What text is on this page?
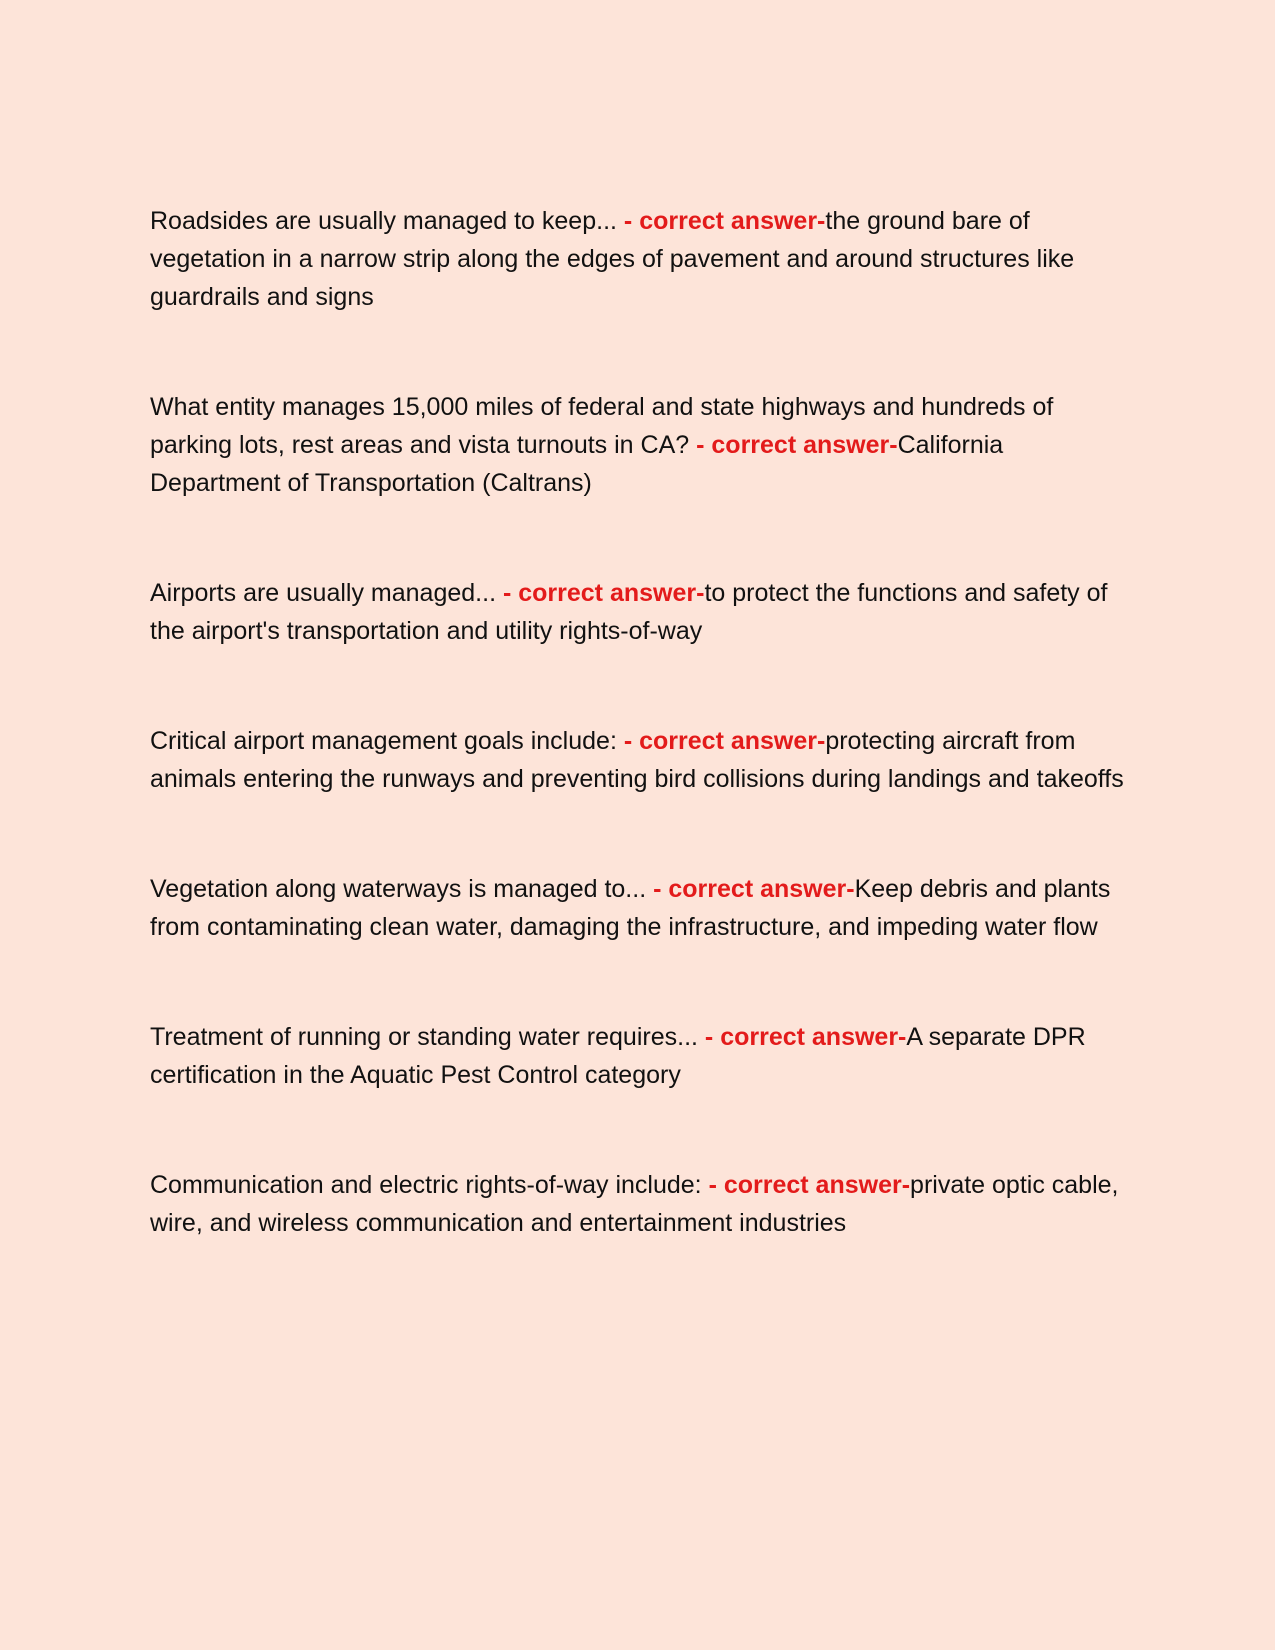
Roadsides are usually managed to keep... - correct answer-the ground bare of vegetation in a narrow strip along the edges of pavement and around structures like guardrails and signs

What entity manages 15,000 miles of federal and state highways and hundreds of parking lots, rest areas and vista turnouts in CA? - correct answer-California Department of Transportation (Caltrans)

Airports are usually managed... - correct answer-to protect the functions and safety of the airport's transportation and utility rights-of-way

Critical airport management goals include: - correct answer-protecting aircraft from animals entering the runways and preventing bird collisions during landings and takeoffs

Vegetation along waterways is managed to... - correct answer-Keep debris and plants from contaminating clean water, damaging the infrastructure, and impeding water flow

Treatment of running or standing water requires... - correct answer-A separate DPR certification in the Aquatic Pest Control category

Communication and electric rights-of-way include: - correct answer-private optic cable, wire, and wireless communication and entertainment industries
